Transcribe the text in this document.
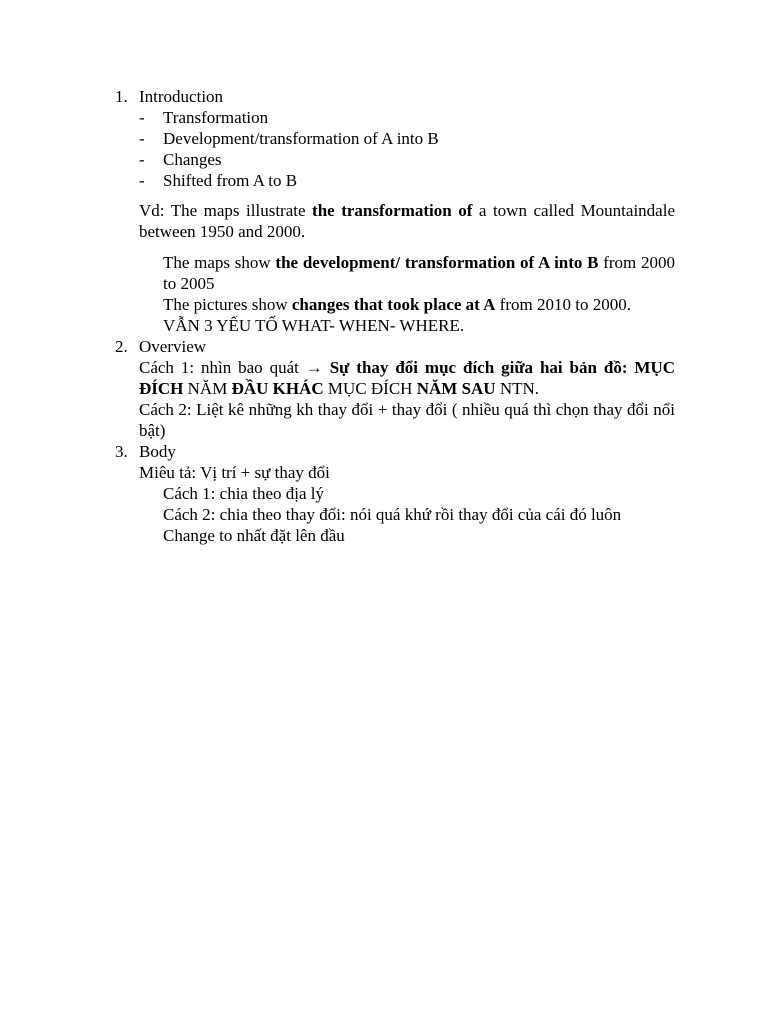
1. Introduction
- Transformation
- Development/transformation of A into B
- Changes
- Shifted from A to B
Vd: The maps illustrate the transformation of a town called Mountaindale between 1950 and 2000.
The maps show the development/ transformation of A into B from 2000 to 2005
The pictures show changes that took place at A from 2010 to 2000.
VẪN 3 YẾU TỐ WHAT- WHEN- WHERE.
2. Overview
Cách 1: nhìn bao quát → Sự thay đổi mục đích giữa hai bản đồ: MỤC ĐÍCH NĂM ĐẦU KHÁC MỤC ĐÍCH NĂM SAU NTN.
Cách 2: Liệt kê những kh thay đổi + thay đổi ( nhiều quá thì chọn thay đổi nổi bật)
3. Body
Miêu tả: Vị trí + sự thay đổi
Cách 1: chia theo địa lý
Cách 2: chia theo thay đổi: nói quá khứ rồi thay đổi của cái đó luôn
Change to nhất đặt lên đầu
